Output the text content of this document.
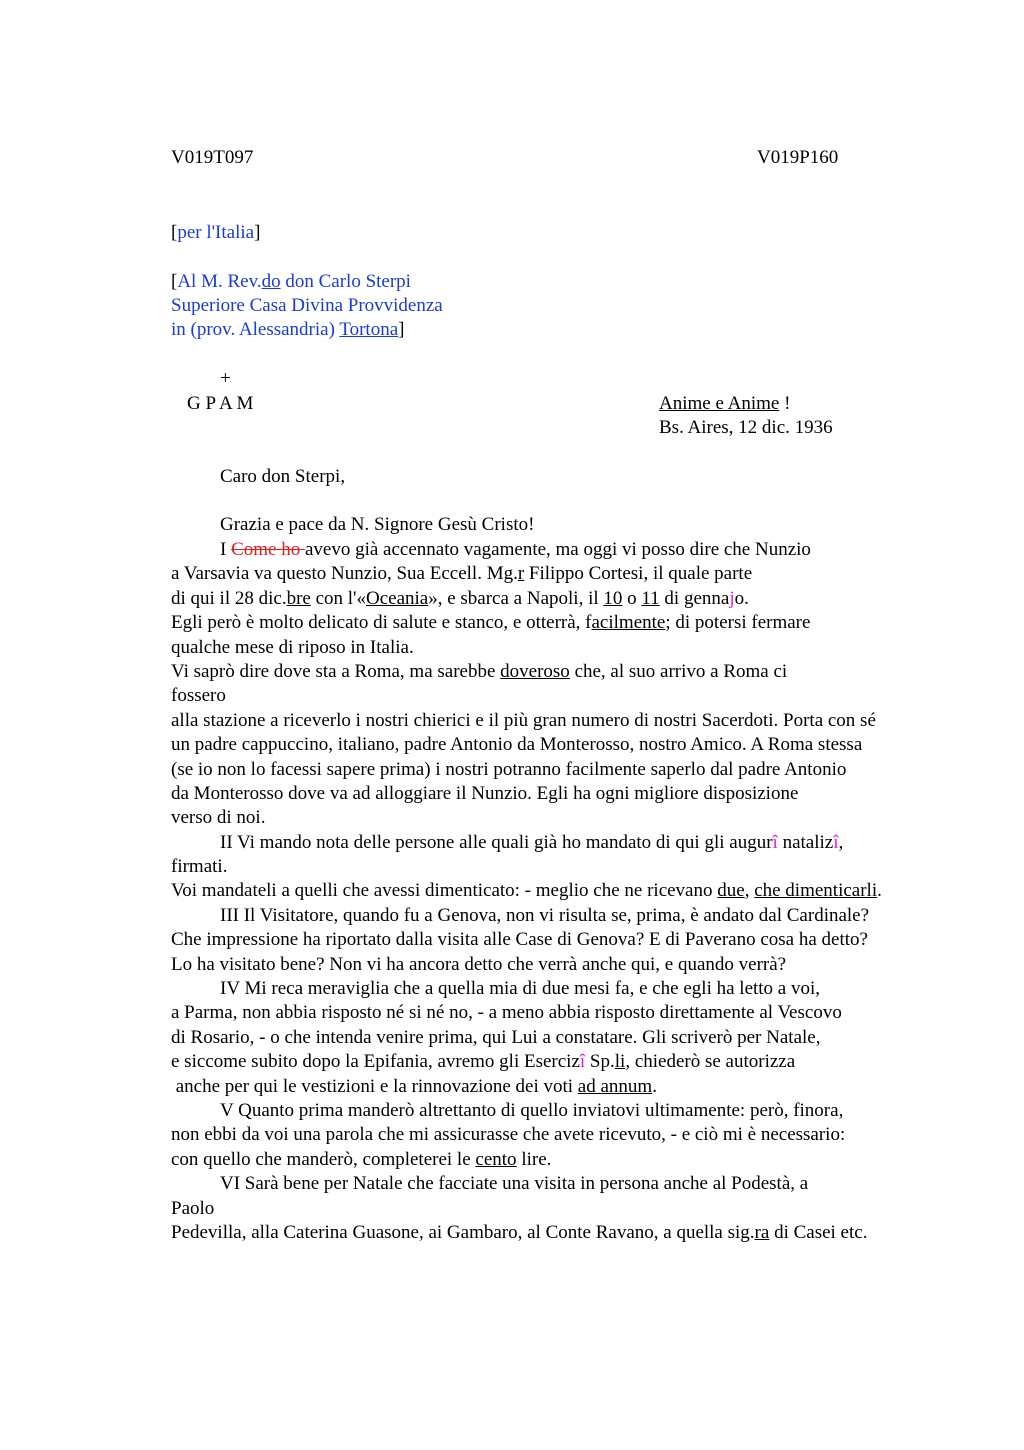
V019T097	V019P160
[per l'Italia]
[Al M. Rev.do don Carlo Sterpi
Superiore Casa Divina Provvidenza
in (prov. Alessandria) Tortona]
+
G P A M	Anime e Anime !
Bs. Aires, 12 dic. 1936
Caro don Sterpi,
Grazia e pace da N. Signore Gesù Cristo!
I Come ho avevo già accennato vagamente, ma oggi vi posso dire che Nunzio
a Varsavia va questo Nunzio, Sua Eccell. Mg.r Filippo Cortesi, il quale parte
di qui il 28 dic.bre con l'«Oceania», e sbarca a Napoli, il 10 o 11 di gennajo.
Egli però è molto delicato di salute e stanco, e otterrà, facilmente; di potersi fermare
qualche mese di riposo in Italia.
Vi saprò dire dove sta a Roma, ma sarebbe doveroso che, al suo arrivo a Roma ci
fossero
alla stazione a riceverlo i nostri chierici e il più gran numero di nostri Sacerdoti. Porta con sé
un padre cappuccino, italiano, padre Antonio da Monterosso, nostro Amico. A Roma stessa
(se io non lo facessi sapere prima) i nostri potranno facilmente saperlo dal padre Antonio
da Monterosso dove va ad alloggiare il Nunzio. Egli ha ogni migliore disposizione
verso di noi.
II Vi mando nota delle persone alle quali già ho mandato di qui gli augurî natalizî,
firmati.
Voi mandateli a quelli che avessi dimenticato: - meglio che ne ricevano due, che dimenticarli.
III Il Visitatore, quando fu a Genova, non vi risulta se, prima, è andato dal Cardinale?
Che impressione ha riportato dalla visita alle Case di Genova? E di Paverano cosa ha detto?
Lo ha visitato bene? Non vi ha ancora detto che verrà anche qui, e quando verrà?
IV Mi reca meraviglia che a quella mia di due mesi fa, e che egli ha letto a voi,
a Parma, non abbia risposto né si né no, - a meno abbia risposto direttamente al Vescovo
di Rosario, - o che intenda venire prima, qui Lui a constatare. Gli scriverò per Natale,
e siccome subito dopo la Epifania, avremo gli Esercizî Sp.li, chiederò se autorizza
anche per qui le vestizioni e la rinnovazione dei voti ad annum.
V Quanto prima manderò altrettanto di quello inviatovi ultimamente: però, finora,
non ebbi da voi una parola che mi assicurasse che avete ricevuto, - e ciò mi è necessario:
con quello che manderò, completerei le cento lire.
VI Sarà bene per Natale che facciate una visita in persona anche al Podestà, a
Paolo
Pedevilla, alla Caterina Guasone, ai Gambaro, al Conte Ravano, a quella sig.ra di Casei etc.
